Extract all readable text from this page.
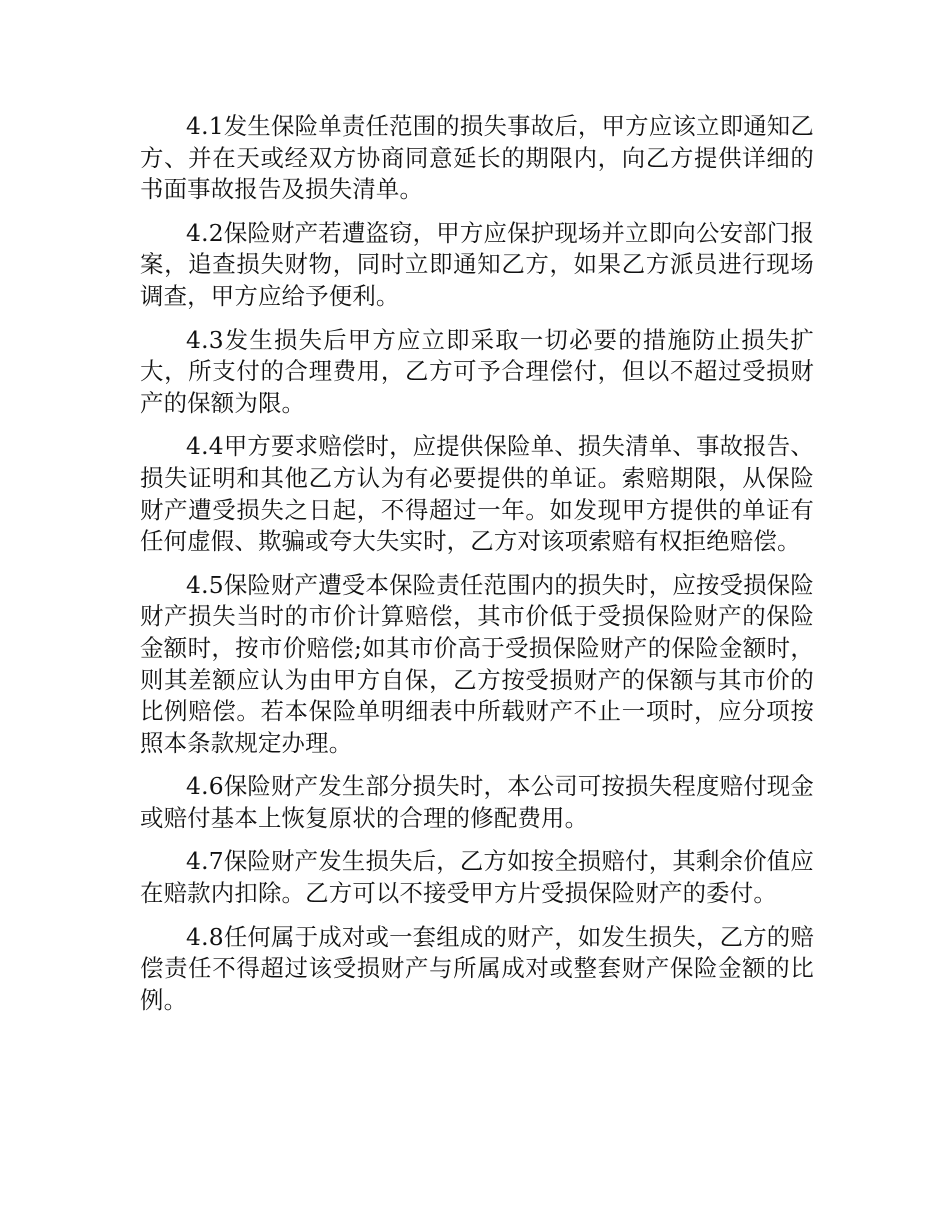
4.1发生保险单责任范围的损失事故后，甲方应该立即通知乙方、并在天或经双方协商同意延长的期限内，向乙方提供详细的书面事故报告及损失清单。

4.2保险财产若遭盗窃，甲方应保护现场并立即向公安部门报案，追查损失财物，同时立即通知乙方，如果乙方派员进行现场调查，甲方应给予便利。

4.3发生损失后甲方应立即采取一切必要的措施防止损失扩大，所支付的合理费用，乙方可予合理偿付，但以不超过受损财产的保额为限。

4.4甲方要求赔偿时，应提供保险单、损失清单、事故报告、损失证明和其他乙方认为有必要提供的单证。索赔期限，从保险财产遭受损失之日起，不得超过一年。如发现甲方提供的单证有任何虚假、欺骗或夸大失实时，乙方对该项索赔有权拒绝赔偿。

4.5保险财产遭受本保险责任范围内的损失时，应按受损保险财产损失当时的市价计算赔偿，其市价低于受损保险财产的保险金额时，按市价赔偿;如其市价高于受损保险财产的保险金额时，则其差额应认为由甲方自保，乙方按受损财产的保额与其市价的比例赔偿。若本保险单明细表中所载财产不止一项时，应分项按照本条款规定办理。

4.6保险财产发生部分损失时，本公司可按损失程度赔付现金或赔付基本上恢复原状的合理的修配费用。

4.7保险财产发生损失后，乙方如按全损赔付，其剩余价值应在赔款内扣除。乙方可以不接受甲方片受损保险财产的委付。

4.8任何属于成对或一套组成的财产，如发生损失，乙方的赔偿责任不得超过该受损财产与所属成对或整套财产保险金额的比例。
